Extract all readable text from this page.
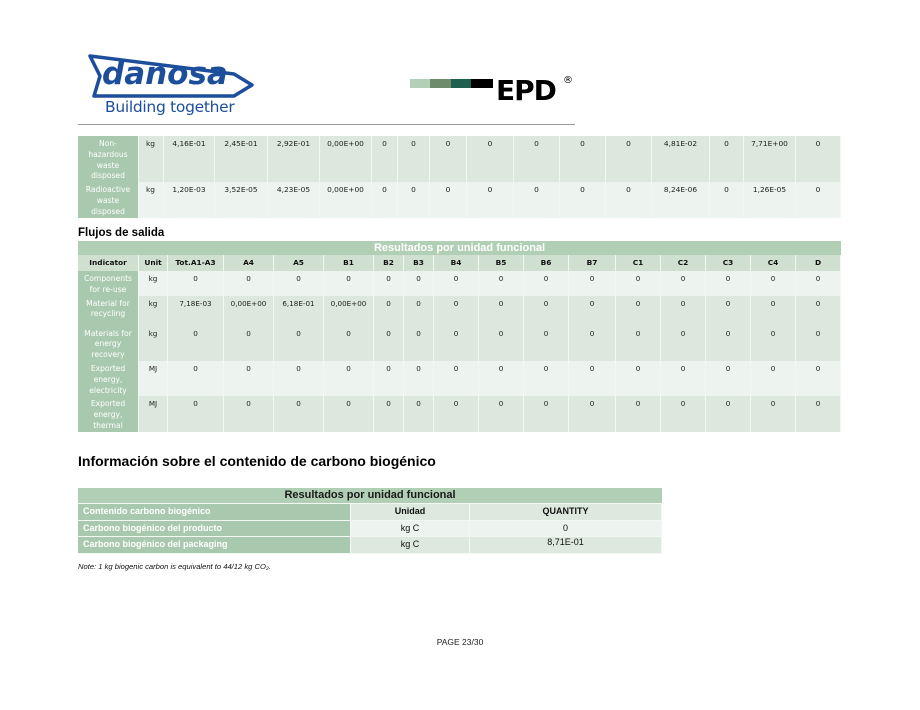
danosa
Building together	EPD ®
Non-
hazardous
waste
disposed	kg	4,16E-01	2,45E-01	2,92E-01	0,00E+00	0	0	0	0	0	0	0	4,81E-02	0	7,71E+00	0

Radioactive
waste
disposed	kg	1,20E-03	3,52E-05	4,23E-05	0,00E+00	0	0	0	0	0	0	0	8,24E-06	0	1,26E-05	0
Flujos de salida
Resultados por unidad funcional																
Indicator	Unit	Tot.A1-A3	A4	A5	B1	B2	B3	B4	B5	B6	B7	C1	C2	C3	C4	D

Components
for re-use	kg	0	0	0	0	0	0	0	0	0	0	0	0	0	0	0

Material for
recycling	kg	7,18E-03	0,00E+00	6,18E-01	0,00E+00	0	0	0	0	0	0	0	0	0	0	0

Materials for
energy
recovery	kg	0	0	0	0	0	0	0	0	0	0	0	0	0	0	0

Exported
energy,
electricity	MJ	0	0	0	0	0	0	0	0	0	0	0	0	0	0	0

Exported
energy,
thermal	MJ	0	0	0	0	0	0	0	0	0	0	0	0	0	0	0
Información sobre el contenido de carbono biogénico
Resultados por unidad funcional		
Contenido carbono biogénico	Unidad	QUANTITY
Carbono biogénico del producto	kg C	0
Carbono biogénico del packaging	kg C	8,71E-01
Note: 1 kg biogenic carbon is equivalent to 44/12 kg CO₂.
PAGE 23/30
